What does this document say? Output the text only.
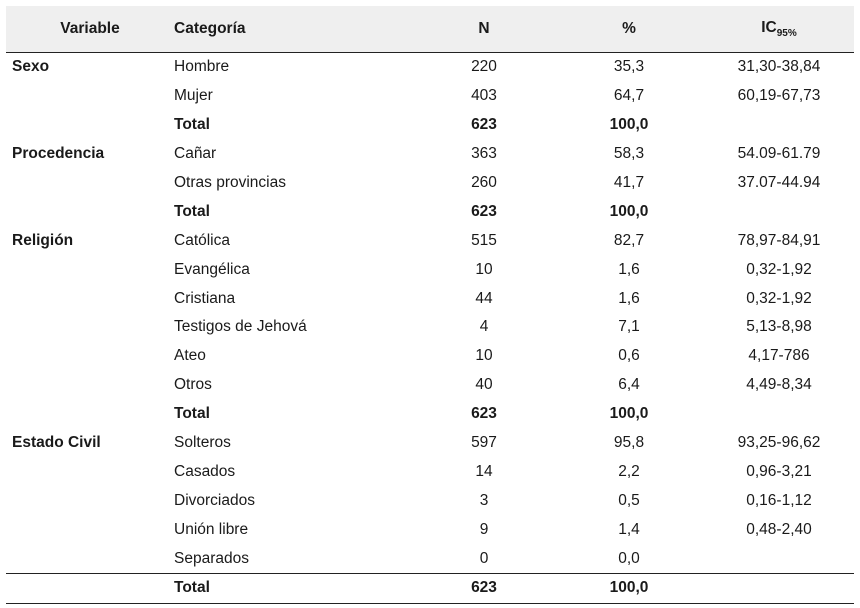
Variable	Categoría	N	%	$IC_{95\%}$
Sexo	Hombre	220	35,3	31,30-38,84
	Mujer	403	64,7	60,19-67,73
	Total	623	100,0	
Procedencia	Cañar	363	58,3	54.09-61.79
	Otras provincias	260	41,7	37.07-44.94
	Total	623	100,0	
Religión	Católica	515	82,7	78,97-84,91
	Evangélica	10	1,6	0,32-1,92
	Cristiana	44	1,6	0,32-1,92
	Testigos de Jehová	4	7,1	5,13-8,98
	Ateo	10	0,6	4,17-786
	Otros	40	6,4	4,49-8,34
	Total	623	100,0	
Estado Civil	Solteros	597	95,8	93,25-96,62
	Casados	14	2,2	0,96-3,21
	Divorciados	3	0,5	0,16-1,12
	Unión libre	9	1,4	0,48-2,40
	Separados	0	0,0	
	Total	623	100,0	
